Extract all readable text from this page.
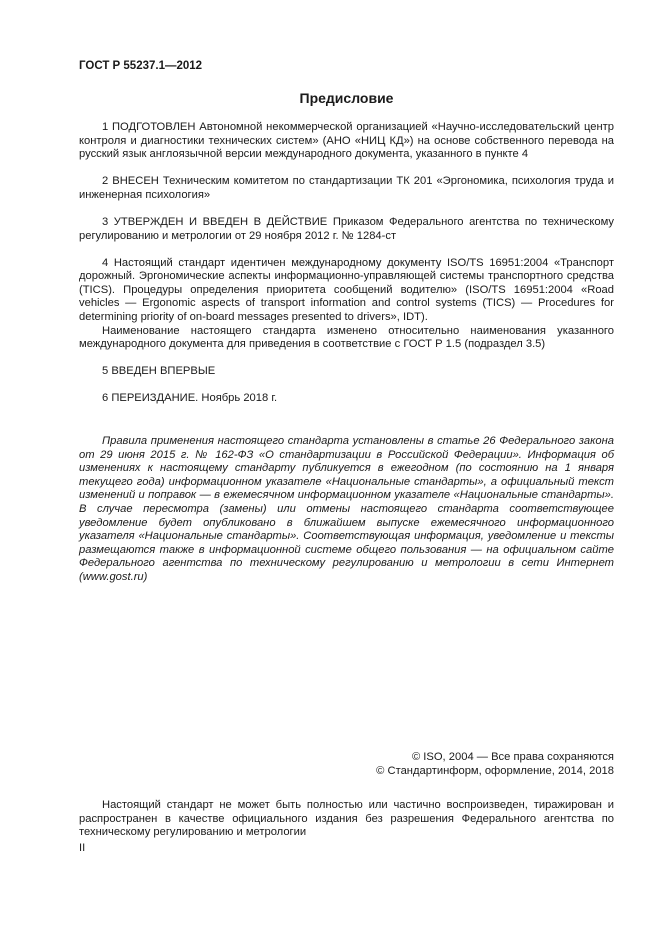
ГОСТ Р 55237.1—2012
Предисловие

1 ПОДГОТОВЛЕН Автономной некоммерческой организацией «Научно-исследовательский центр контроля и диагностики технических систем» (АНО «НИЦ КД») на основе собственного перевода на русский язык англоязычной версии международного документа, указанного в пункте 4

2 ВНЕСЕН Техническим комитетом по стандартизации ТК 201 «Эргономика, психология труда и инженерная психология»

3 УТВЕРЖДЕН И ВВЕДЕН В ДЕЙСТВИЕ Приказом Федерального агентства по техническому регулированию и метрологии от 29 ноября 2012 г. № 1284-ст

4 Настоящий стандарт идентичен международному документу ISO/TS 16951:2004 «Транспорт дорожный. Эргономические аспекты информационно-управляющей системы транспортного средства (TICS). Процедуры определения приоритета сообщений водителю» (ISO/TS 16951:2004 «Road vehicles — Ergonomic aspects of transport information and control systems (TICS) — Procedures for determining priority of on-board messages presented to drivers», IDT).

Наименование настоящего стандарта изменено относительно наименования указанного международного документа для приведения в соответствие с ГОСТ Р 1.5 (подраздел 3.5)

5 ВВЕДЕН ВПЕРВЫЕ

6 ПЕРЕИЗДАНИЕ. Ноябрь 2018 г.

Правила применения настоящего стандарта установлены в статье 26 Федерального закона от 29 июня 2015 г. № 162-ФЗ «О стандартизации в Российской Федерации». Информация об изменениях к настоящему стандарту публикуется в ежегодном (по состоянию на 1 января текущего года) информационном указателе «Национальные стандарты», а официальный текст изменений и поправок — в ежемесячном информационном указателе «Национальные стандарты». В случае пересмотра (замены) или отмены настоящего стандарта соответствующее уведомление будет опубликовано в ближайшем выпуске ежемесячного информационного указателя «Национальные стандарты». Соответствующая информация, уведомление и тексты размещаются также в информационной системе общего пользования — на официальном сайте Федерального агентства по техническому регулированию и метрологии в сети Интернет (www.gost.ru)

© ISO, 2004 — Все права сохраняются
© Стандартинформ, оформление, 2014, 2018

Настоящий стандарт не может быть полностью или частично воспроизведен, тиражирован и распространен в качестве официального издания без разрешения Федерального агентства по техническому регулированию и метрологии

II
